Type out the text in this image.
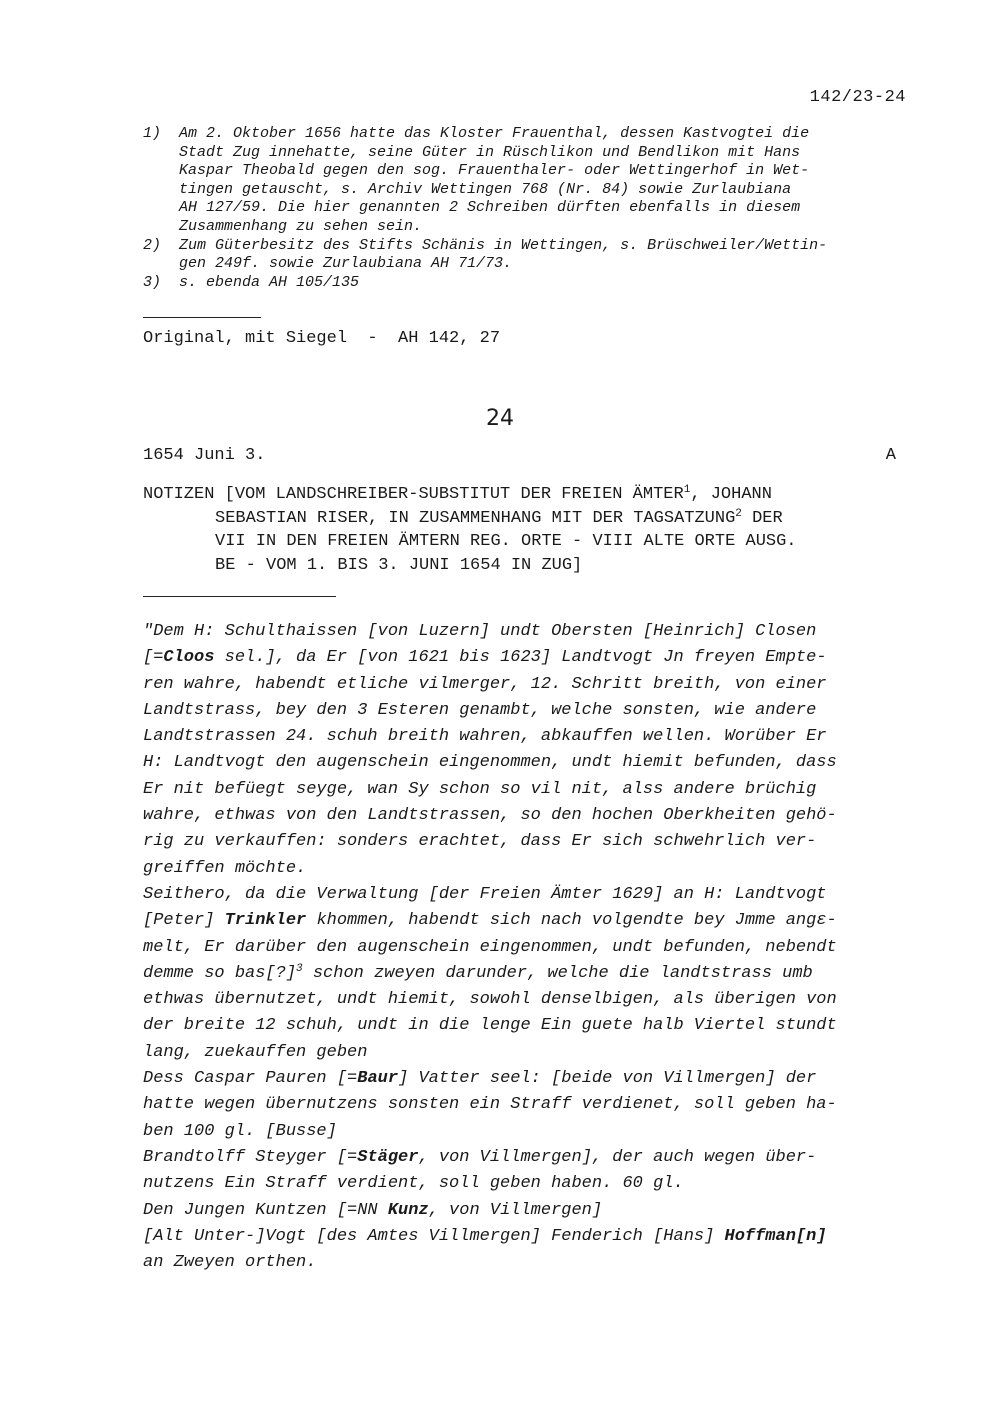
142/23-24
1)	Am 2. Oktober 1656 hatte das Kloster Frauenthal, dessen Kastvogtei die
Stadt Zug innehatte, seine Güter in Rüschlikon und Bendlikon mit Hans
Kaspar Theobald gegen den sog. Frauenthaler- oder Wettingerhof in Wet-
tingen getauscht, s. Archiv Wettingen 768 (Nr. 84) sowie Zurlaubiana
AH 127/59. Die hier genannten 2 Schreiben dürften ebenfalls in diesem
Zusammenhang zu sehen sein.
2)	Zum Güterbesitz des Stifts Schänis in Wettingen, s. Brüschweiler/Wettin-
gen 249f. sowie Zurlaubiana AH 71/73.
3)	s. ebenda AH 105/135
Original, mit Siegel  -  AH 142, 27
24
1654 Juni 3.	A
NOTIZEN [VOM LANDSCHREIBER-SUBSTITUT DER FREIEN ÄMTER$^1$, JOHANN
SEBASTIAN RISER, IN ZUSAMMENHANG MIT DER TAGSATZUNG$^2$ DER
VII IN DEN FREIEN ÄMTERN REG. ORTE - VIII ALTE ORTE AUSG.
BE - VOM 1. BIS 3. JUNI 1654 IN ZUG]

"Dem H: Schulthaissen [von Luzern] undt Obersten [Heinrich] Closen

[=Cloos sel.], da Er [von 1621 bis 1623] Landtvogt Jn freyen Empte-

ren wahre, habendt etliche vilmerger, 12. Schritt breith, von einer

Landtstrass, bey den 3 Esteren genambt, welche sonsten, wie andere

Landtstrassen 24. schuh breith wahren, abkauffen wellen. Worüber Er

H: Landtvogt den augenschein eingenommen, undt hiemit befunden, dass

Er nit befüegt seyge, wan Sy schon so vil nit, alss andere brüchig

wahre, ethwas von den Landtstrassen, so den hochen Oberkheiten gehö-

rig zu verkauffen: sonders erachtet, dass Er sich schwehrlich ver-

greiffen möchte.

Seithero, da die Verwaltung [der Freien Ämter 1629] an H: Landtvogt

[Peter] Trinkler khommen, habendt sich nach volgendte bey Jmme angε-

melt, Er darüber den augenschein eingenommen, undt befunden, nebendt

demme so bas[?]$^3$ schon zweyen darunder, welche die landtstrass umb

ethwas übernutzet, undt hiemit, sowohl denselbigen, als überigen von

der breite 12 schuh, undt in die lenge Ein guete halb Viertel stundt

lang, zuekauffen geben

Dess Caspar Pauren [=Baur] Vatter seel: [beide von Villmergen] der

hatte wegen übernutzens sonsten ein Straff verdienet, soll geben ha-

ben 100 gl. [Busse]

Brandtolff Steyger [=Stäger, von Villmergen], der auch wegen über-

nutzens Ein Straff verdient, soll geben haben. 60 gl.

Den Jungen Kuntzen [=NN Kunz, von Villmergen]

[Alt Unter-]Vogt [des Amtes Villmergen] Fenderich [Hans] Hoffman[n]

an Zweyen orthen.
